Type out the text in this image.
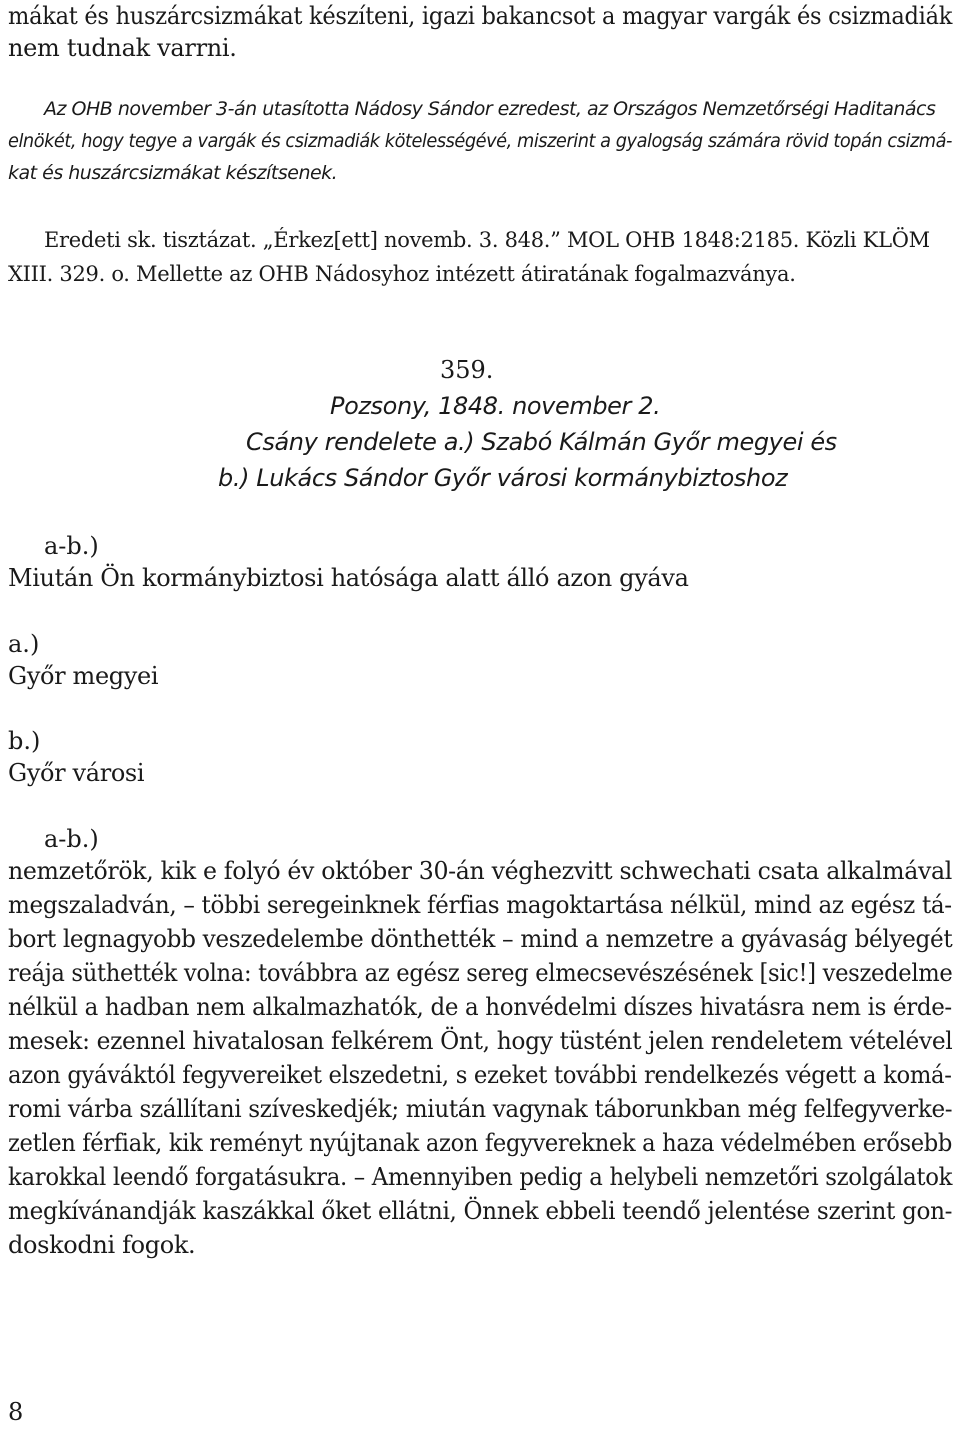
mákat és huszárcsizmákat készíteni, igazi bakancsot a magyar vargák és csizmadiák
nem tudnak varrni.
Az OHB november 3-án utasította Nádosy Sándor ezredest, az Országos Nemzetőrségi Haditanács
elnökét, hogy tegye a vargák és csizmadiák kötelességévé, miszerint a gyalogság számára rövid topán csizmá-
kat és huszárcsizmákat készítsenek.
Eredeti sk. tisztázat. „Érkez[ett] novemb. 3. 848.” MOL OHB 1848:2185. Közli KLÖM
XIII. 329. o. Mellette az OHB Nádosyhoz intézett átiratának fogalmazványa.
359.
Pozsony, 1848. november 2.
Csány rendelete a.) Szabó Kálmán Győr megyei és
b.) Lukács Sándor Győr városi kormánybiztoshoz
a-b.)
Miután Ön kormánybiztosi hatósága alatt álló azon gyáva
a.)
Győr megyei
b.)
Győr városi
a-b.)
nemzetőrök, kik e folyó év október 30-án véghezvitt schwechati csata alkalmával
megszaladván, – többi seregeinknek férfias magoktartása nélkül, mind az egész tá-
bort legnagyobb veszedelembe dönthették – mind a nemzetre a gyávaság bélyegét
reája süthették volna: továbbra az egész sereg elmecsevészésének [sic!] veszedelme
nélkül a hadban nem alkalmazhatók, de a honvédelmi díszes hivatásra nem is érde-
mesek: ezennel hivatalosan felkérem Önt, hogy tüstént jelen rendeletem vételével
azon gyáváktól fegyvereiket elszedetni, s ezeket további rendelkezés végett a komá-
romi várba szállítani szíveskedjék; miután vagynak táborunkban még felfegyverke-
zetlen férfiak, kik reményt nyújtanak azon fegyvereknek a haza védelmében erősebb
karokkal leendő forgatásukra. – Amennyiben pedig a helybeli nemzetőri szolgálatok
megkívánandják kaszákkal őket ellátni, Önnek ebbeli teendő jelentése szerint gon-
doskodni fogok.
8
